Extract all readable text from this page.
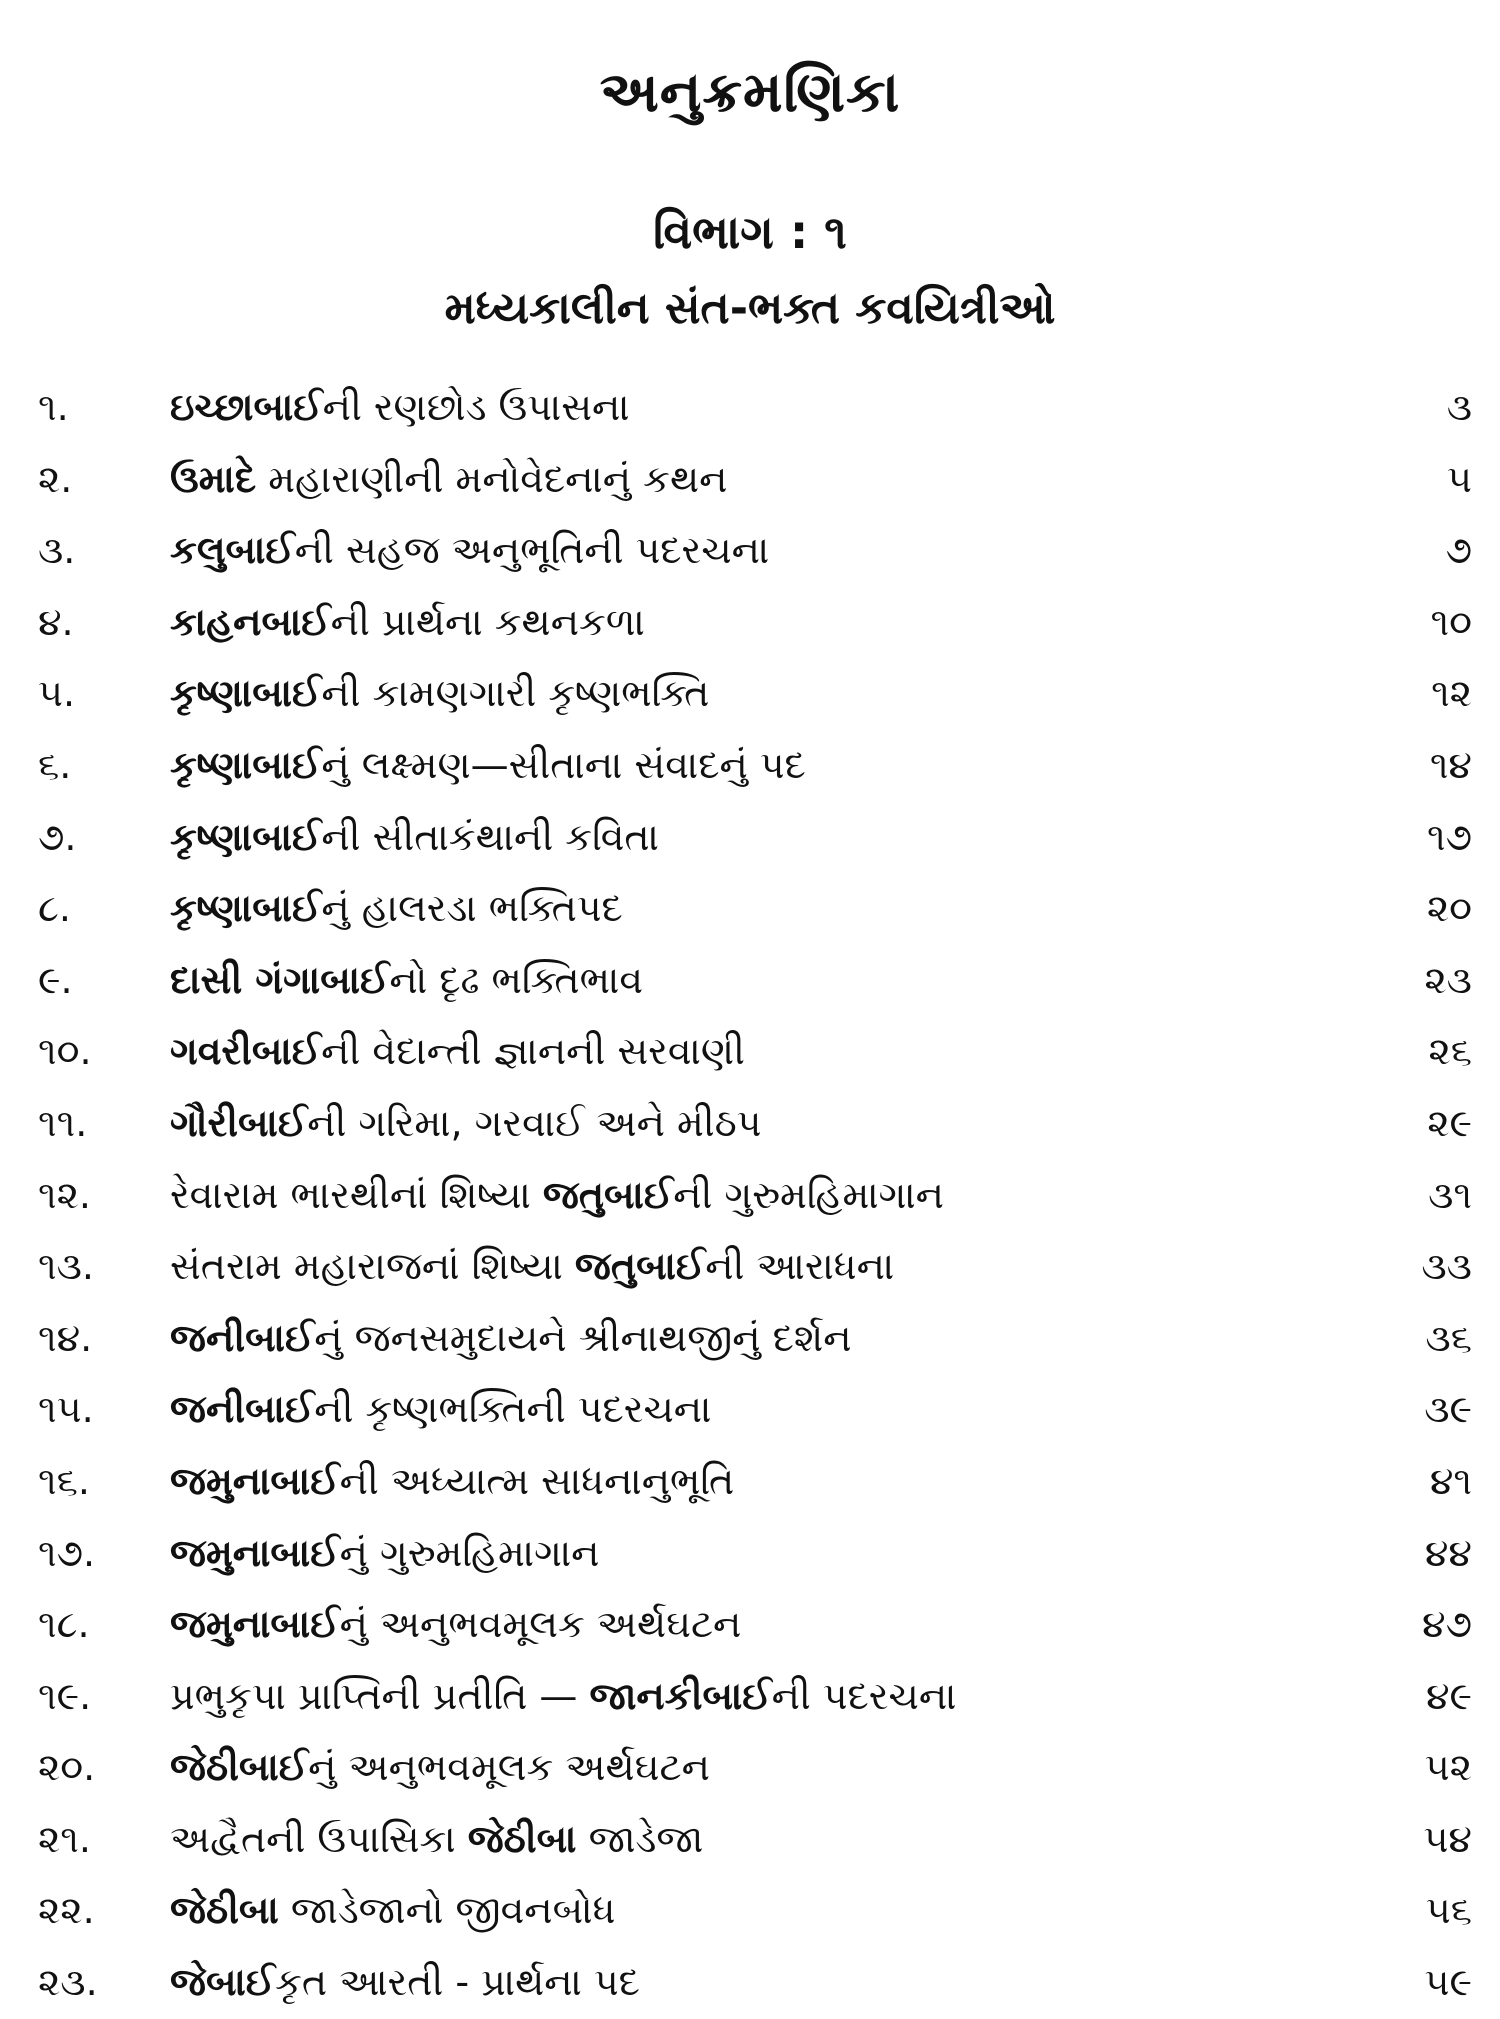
અનુક્રમણિકા
વિભાગ : ૧
મધ્યકાલીન સંત-ભક્ત કવયિત્રીઓ
૧.	ઇચ્છાબાઈની રણછોડ ઉપાસના	૩
૨.	ઉમાદે મહારાણીની મનોવેદનાનું કથન	૫
૩. કલુબાઈની સહજ અનુભૂતિની પદરચના	૭
૪.	કાહનબાઈની પ્રાર્થના કથનકળા	૧૦
૫. કૃષ્ણાબાઈની કામણગારી કૃષ્ણભક્તિ	૧૨
૬.	કૃષ્ણાબાઈનું લક્ષ્મણ—સીતાના સંવાદનું પદ	૧૪
૭. કૃષ્ણાબાઈની સીતાકંથાની કવિતા	૧૭
૮.	કૃષ્ણાબાઈનું હાલરડા ભક્તિપદ	૨૦
૯.	દાસી ગંગાબાઈનો દૃઢ ભક્તિભાવ	૨૩
૧૦. ગવરીબાઈની વેદાન્તી જ્ઞાનની સરવાણી	૨૬
૧૧. ગૌરીબાઈની ગરિમા, ગરવાઈ અને મીઠપ	૨૯
૧૨. રેવારામ ભારથીનાં શિષ્યા જતુબાઈની ગુરુમહિમાગાન	૩૧
૧૩. સંતરામ મહારાજનાં શિષ્યા જતુબાઈની આરાધના	૩૩
૧૪. જનીબાઈનું જનસમુદાયને શ્રીનાથજીનું દર્શન	૩૬
૧૫. જનીબાઈની કૃષ્ણભક્તિની પદરચના	૩૯
૧૬. જમુનાબાઈની અધ્યાત્મ સાધનાનુભૂતિ	૪૧
૧૭. જમુનાબાઈનું ગુરુમહિમાગાન	૪૪
૧૮. જમુનાબાઈનું અનુભવમૂલક અર્થઘટન	૪૭
૧૯. પ્રભુકૃપા પ્રાપ્તિની પ્રતીતિ — જાનકીબાઈની પદરચના	૪૯
૨૦. જેઠીબાઈનું અનુભવમૂલક અર્થઘટન	૫૨
૨૧. અદ્વૈતની ઉપાસિકા જેઠીબા જાડેજા	૫૪
૨૨. જેઠીબા જાડેજાનો જીવનબોધ	૫૬
૨૩. જેબાઈકૃત આરતી - પ્રાર્થના પદ	૫૯
